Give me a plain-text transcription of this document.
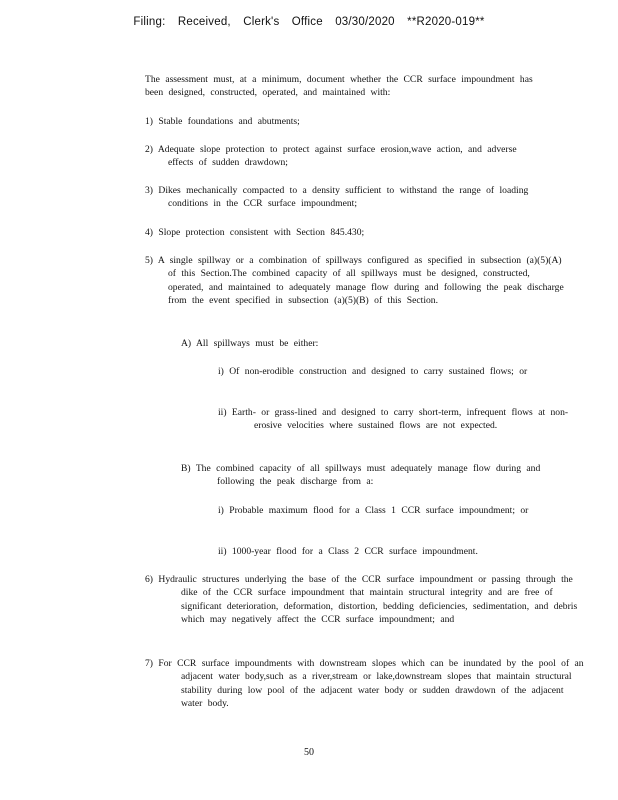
Filing: Received, Clerk's Office 03/30/2020 **R2020-019**
The assessment must, at a minimum, document whether the CCR surface impoundment has been designed, constructed, operated, and maintained with:
1) Stable foundations and abutments;
2) Adequate slope protection to protect against surface erosion,wave action, and adverse effects of sudden drawdown;
3) Dikes mechanically compacted to a density sufficient to withstand the range of loading conditions in the CCR surface impoundment;
4) Slope protection consistent with Section 845.430;
5) A single spillway or a combination of spillways configured as specified in subsection (a)(5)(A) of this Section.The combined capacity of all spillways must be designed, constructed, operated, and maintained to adequately manage flow during and following the peak discharge from the event specified in subsection (a)(5)(B) of this Section.
A) All spillways must be either:
i) Of non-erodible construction and designed to carry sustained flows; or
ii) Earth- or grass-lined and designed to carry short-term, infrequent flows at non-erosive velocities where sustained flows are not expected.
B) The combined capacity of all spillways must adequately manage flow during and following the peak discharge from a:
i) Probable maximum flood for a Class 1 CCR surface impoundment; or
ii) 1000-year flood for a Class 2 CCR surface impoundment.
6) Hydraulic structures underlying the base of the CCR surface impoundment or passing through the dike of the CCR surface impoundment that maintain structural integrity and are free of significant deterioration, deformation, distortion, bedding deficiencies, sedimentation, and debris which may negatively affect the CCR surface impoundment; and
7) For CCR surface impoundments with downstream slopes which can be inundated by the pool of an adjacent water body,such as a river,stream or lake,downstream slopes that maintain structural stability during low pool of the adjacent water body or sudden drawdown of the adjacent water body.
50
